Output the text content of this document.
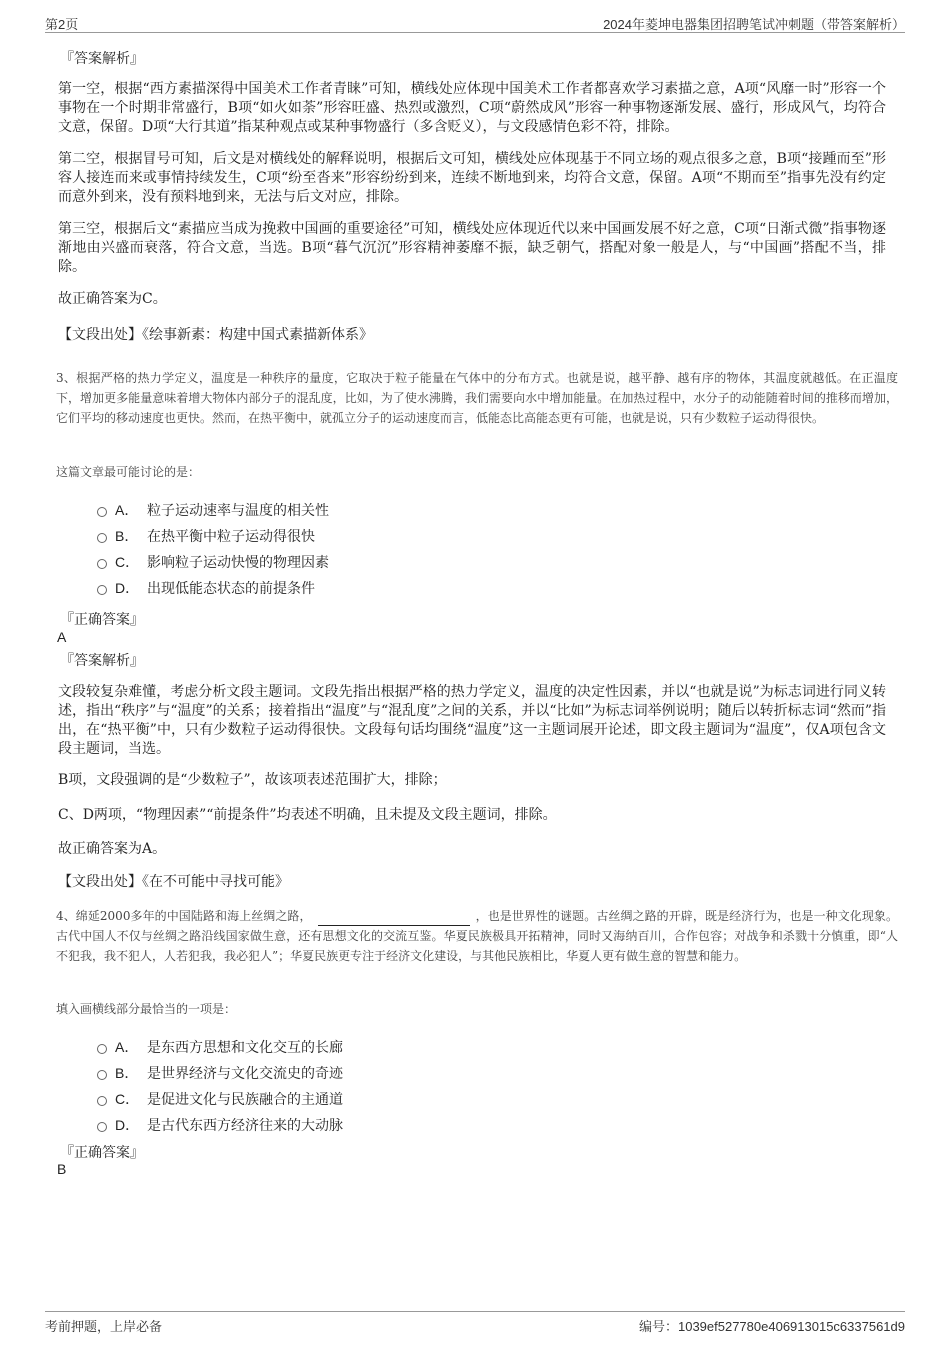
第2页	2024年菱坤电器集团招聘笔试冲刺题（带答案解析）
『答案解析』
第一空，根据“西方素描深得中国美术工作者青睐”可知，横线处应体现中国美术工作者都喜欢学习素描之意，A项“风靡一时”形容一个事物在一个时期非常盛行，B项“如火如荼”形容旺盛、热烈或激烈，C项“蔚然成风”形容一种事物逐渐发展、盛行，形成风气，均符合文意，保留。D项“大行其道”指某种观点或某种事物盛行（多含贬义），与文段感情色彩不符，排除。
第二空，根据冒号可知，后文是对横线处的解释说明，根据后文可知，横线处应体现基于不同立场的观点很多之意，B项“接踵而至”形容人接连而来或事情持续发生，C项“纷至沓来”形容纷纷到来，连续不断地到来，均符合文意，保留。A项“不期而至”指事先没有约定而意外到来，没有预料地到来，无法与后文对应，排除。
第三空，根据后文“素描应当成为挽救中国画的重要途径”可知，横线处应体现近代以来中国画发展不好之意，C项“日渐式微”指事物逐渐地由兴盛而衰落，符合文意，当选。B项“暮气沉沉”形容精神萎靡不振，缺乏朝气，搭配对象一般是人，与“中国画”搭配不当，排除。
故正确答案为C。
【文段出处】《绘事新素：构建中国式素描新体系》
3、根据严格的热力学定义，温度是一种秩序的量度，它取决于粒子能量在气体中的分布方式。也就是说，越平静、越有序的物体，其温度就越低。在正温度下，增加更多能量意味着增大物体内部分子的混乱度，比如，为了使水沸腾，我们需要向水中增加能量。在加热过程中，水分子的动能随着时间的推移而增加，它们平均的移动速度也更快。然而，在热平衡中，就孤立分子的运动速度而言，低能态比高能态更有可能，也就是说，只有少数粒子运动得很快。
这篇文章最可能讨论的是：
A． 粒子运动速率与温度的相关性
B． 在热平衡中粒子运动得很快
C． 影响粒子运动快慢的物理因素
D． 出现低能态状态的前提条件
『正确答案』
A
『答案解析』
文段较复杂难懂，考虑分析文段主题词。文段先指出根据严格的热力学定义，温度的决定性因素，并以“也就是说”为标志词进行同义转述，指出“秩序”与“温度”的关系；接着指出“温度”与“混乱度”之间的关系，并以“比如”为标志词举例说明；随后以转折标志词“然而”指出，在“热平衡”中，只有少数粒子运动得很快。文段每句话均围绕“温度”这一主题词展开论述，即文段主题词为“温度”，仅A项包含文段主题词，当选。
B项，文段强调的是“少数粒子”，故该项表述范围扩大，排除；
C、D两项，“物理因素”“前提条件”均表述不明确，且未提及文段主题词，排除。
故正确答案为A。
【文段出处】《在不可能中寻找可能》
4、绵延2000多年的中国陆路和海上丝绸之路，	，也是世界性的谜题。古丝绸之路的开辟，既是经济行为，也是一种文化现象。古代中国人不仅与丝绸之路沿线国家做生意，还有思想文化的交流互鉴。华夏民族极具开拓精神，同时又海纳百川，合作包容；对战争和杀戮十分慎重，即“人不犯我，我不犯人，人若犯我，我必犯人”；华夏民族更专注于经济文化建设，与其他民族相比，华夏人更有做生意的智慧和能力。
填入画横线部分最恰当的一项是：
A． 是东西方思想和文化交互的长廊
B． 是世界经济与文化交流史的奇迹
C． 是促进文化与民族融合的主通道
D． 是古代东西方经济往来的大动脉
『正确答案』
B
考前押题，上岸必备	编号：1039ef527780e406913015c6337561d9
